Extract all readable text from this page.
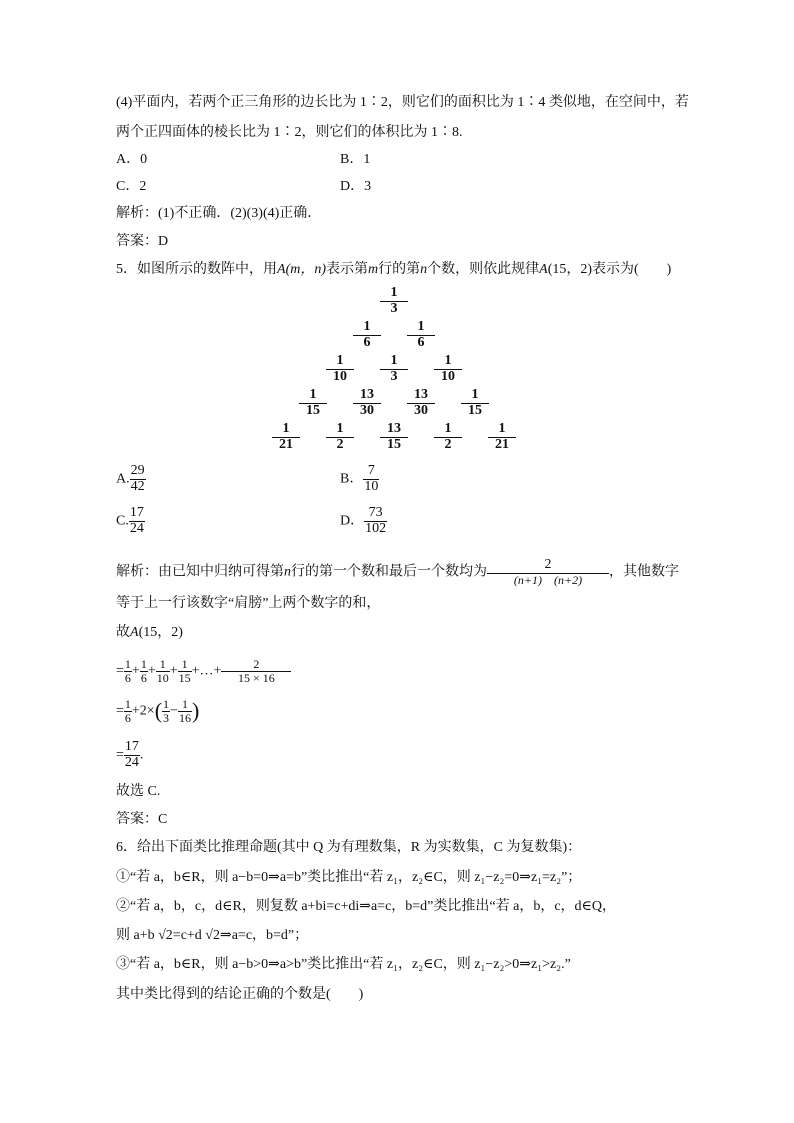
(4)平面内，若两个正三角形的边长比为 1∶2，则它们的面积比为 1∶4 类似地，在空间中，若
两个正四面体的棱长比为 1∶2，则它们的体积比为 1∶8.
A．0	B．1
C．2	D．3
解析：(1)不正确．(2)(3)(4)正确．
答案：D
5．如图所示的数阵中，用A(m，n)表示第m行的第n个数，则依此规律A(15，2)表示为(　　)
$\frac{1}{3}$
$\frac{1}{6} \frac{1}{6}$
$\frac{1}{10} \frac{1}{3} \frac{1}{10}$
$\frac{1}{15} \frac{13}{30} \frac{13}{30} \frac{1}{15}$
$\frac{1}{21} \frac{1}{2} \frac{13}{15} \frac{1}{2} \frac{1}{21}$
A. $\frac{29}{42}$	B． $\frac{7}{10}$
C. $\frac{17}{24}$	D． $\frac{73}{102}$
解析：由已知中归纳可得第n行的第一个数和最后一个数均为 $\frac{2}{(n+1) (n+2)}$ ，其他数字
等于上一行该数字“肩膀”上两个数字的和，
故A(15，2)
= $\frac{1}{6} + \frac{1}{6} + \frac{1}{10} + \frac{1}{15}$ +…+ $\frac{2}{15 \times 16}$
= $\frac{1}{6} +2\times( \frac{1}{3} - \frac{1}{16}$ )
= $\frac{17}{24}$ .
故选 C.
答案：C
6．给出下面类比推理命题(其中 Q 为有理数集，R 为实数集，C 为复数集)：
①“若 a，b∈R，则 a−b=0⇒a=b”类比推出“若 z₁，z₂∈C，则 z₁−z₂=0⇒z₁=z₂”；
②“若 a，b，c，d∈R，则复数 a+bi=c+di⇒a=c，b=d”类比推出“若 a，b，c，d∈Q，
则 a+b √2=c+d √2⇒a=c，b=d”；
③“若 a，b∈R，则 a−b>0⇒a>b”类比推出“若 z₁，z₂∈C，则 z₁−z₂>0⇒z₁>z₂.”
其中类比得到的结论正确的个数是(　　)
